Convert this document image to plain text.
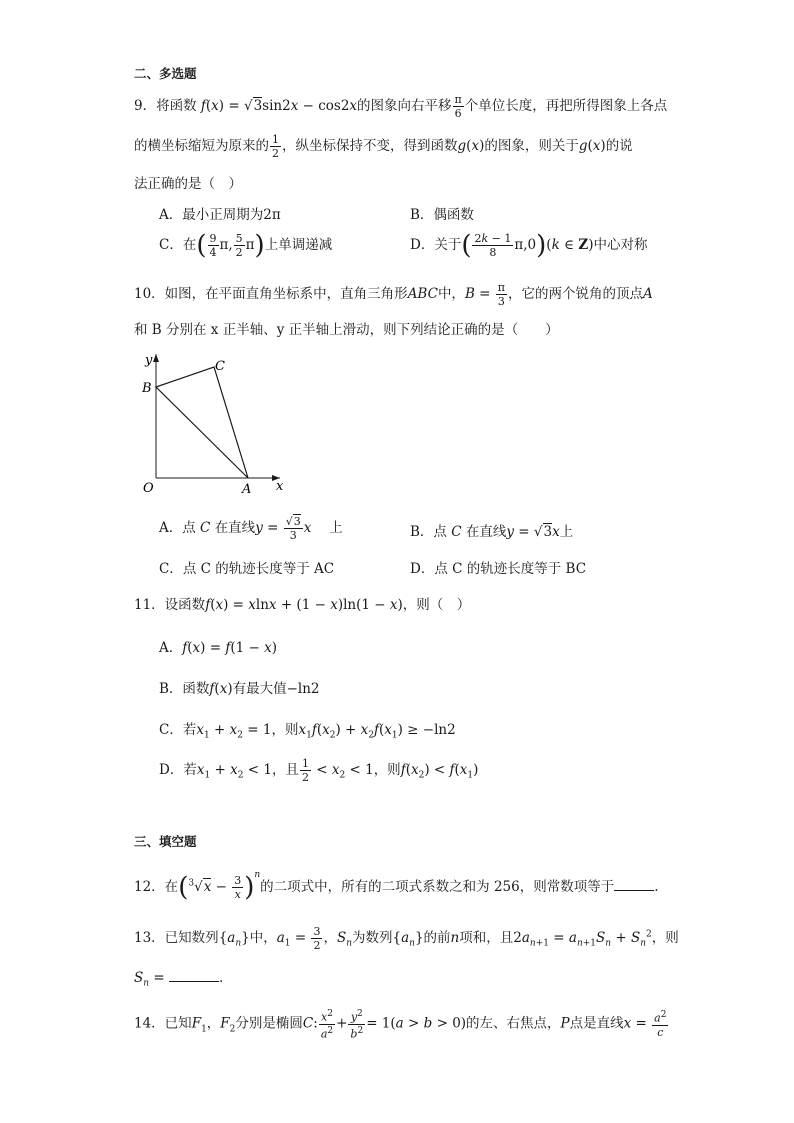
二、多选题
9．将函数 f(x) = √3sin2x − cos2x的图象向右平移 $\frac{\pi}{6}$ 个单位长度，再把所得图象上各点
的横坐标缩短为原来的 $\frac{1}{2}$ ，纵坐标保持不变，得到函数g(x)的图象，则关于g(x)的说
法正确的是（　）
A．最小正周期为2π	B．偶函数
C．在( $\frac{9}{4} \pi$, $\frac{5}{2} \pi$)上单调递减	D．关于( $\frac{2k - 1}{8} \pi,0)(k$ ∈ Z)中心对称
10．如图，在平面直角坐标系中，直角三角形ABC中，$B = \frac{\pi}{3}$ ，它的两个锐角的顶点A
和 B 分别在 x 正半轴、y 正半轴上滑动，则下列结论正确的是（　　）
y
x
B
C
O	A
A．点 C 在直线$y = \frac{√3}{3}$ x 　 上	B．点 C 在直线y = √3x上
C．点 C 的轨迹长度等于 AC	D．点 C 的轨迹长度等于 BC
11．设函数f(x) = xlnx + (1 − x)ln(1 − x)，则（　）
A．f(x) = f(1 − x)
B．函数f(x)有最大值−ln2
C．若$x_1 + x_2 = 1$，则$x_1f(x_2) + x_2f(x_1) \ge -\ln 2$
D．若$x_1 + x_2 < 1$，且 $\frac{1}{2} < x_2 < 1$，则$f(x_2) < f(x_1)$
三、填空题
12．在$(^3√x - \frac{3}{x} )^n$的二项式中，所有的二项式系数之和为 256，则常数项等于	.
13．已知数列$\{a_n\}$中，$a_1 = \frac{3}{2}$ ，$S_n$为数列$\{a_n\}$的前n项和，且$2a_{n+1} = a_{n+1}S_n + S_n^2$，则
$S_n$ =	.
14．已知$F_1$，$F_2$分别是椭圆C: $\frac{x^2}{a^2} + \frac{y^2}{b^2} = 1(a > b > 0)$的左、右焦点，P点是直线$x = \frac{a^2}{c}$
